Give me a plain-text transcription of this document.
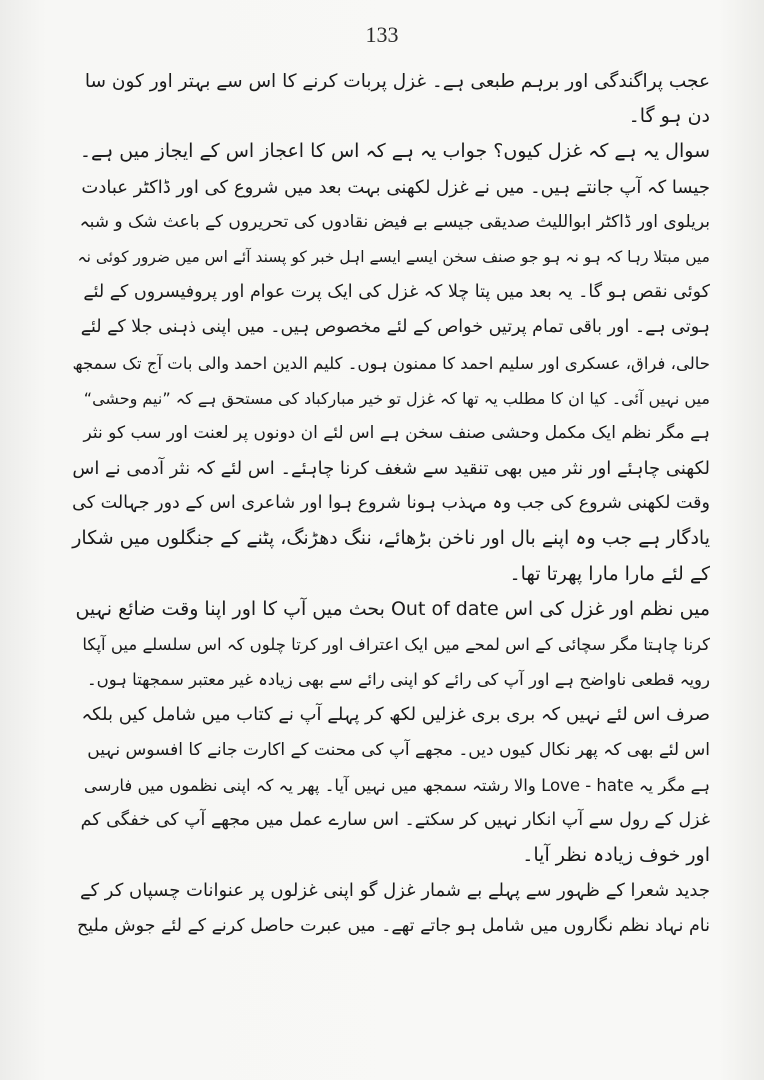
133
عجب پراگندگی اور برہم طبعی ہے۔ غزل پربات کرنے کا اس سے بہتر اور کون سا
دن ہو گا۔
سوال یہ ہے کہ غزل کیوں؟ جواب یہ ہے کہ اس کا اعجاز اس کے ایجاز میں ہے۔
جیسا کہ آپ جانتے ہیں۔ میں نے غزل لکھنی بہت بعد میں شروع کی اور ڈاکٹر عبادت
بریلوی اور ڈاکٹر ابواللیث صدیقی جیسے بے فیض نقادوں کی تحریروں کے باعث شک و شبہ
میں مبتلا رہا کہ ہو نہ ہو جو صنف سخن ایسے ایسے اہل خبر کو پسند آئے اس میں ضرور کوئی نہ
کوئی نقص ہو گا۔ یہ بعد میں پتا چلا کہ غزل کی ایک پرت عوام اور پروفیسروں کے لئے
ہوتی ہے۔ اور باقی تمام پرتیں خواص کے لئے مخصوص ہیں۔ میں اپنی ذہنی جلا کے لئے
حالی، فراق، عسکری اور سلیم احمد کا ممنون ہوں۔ کلیم الدین احمد والی بات آج تک سمجھ
میں نہیں آئی۔ کیا ان کا مطلب یہ تھا کہ غزل تو خیر مبارکباد کی مستحق ہے کہ ”نیم وحشی“
ہے مگر نظم ایک مکمل وحشی صنف سخن ہے اس لئے ان دونوں پر لعنت اور سب کو نثر
لکھنی چاہئے اور نثر میں بھی تنقید سے شغف کرنا چاہئے۔ اس لئے کہ نثر آدمی نے اس
وقت لکھنی شروع کی جب وہ مہذب ہونا شروع ہوا اور شاعری اس کے دور جہالت کی
یادگار ہے جب وہ اپنے بال اور ناخن بڑھائے، ننگ دھڑنگ، پٹنے کے جنگلوں میں شکار
کے لئے مارا مارا پھرتا تھا۔
میں نظم اور غزل کی اس Out of date بحث میں آپ کا اور اپنا وقت ضائع نہیں
کرنا چاہتا مگر سچائی کے اس لمحے میں ایک اعتراف اور کرتا چلوں کہ اس سلسلے میں آپکا
رویہ قطعی ناواضح ہے اور آپ کی رائے کو اپنی رائے سے بھی زیادہ غیر معتبر سمجھتا ہوں۔
صرف اس لئے نہیں کہ بری بری غزلیں لکھ کر پہلے آپ نے کتاب میں شامل کیں بلکہ
اس لئے بھی کہ پھر نکال کیوں دیں۔ مجھے آپ کی محنت کے اکارت جانے کا افسوس نہیں
ہے مگر یہ Love - hate والا رشتہ سمجھ میں نہیں آیا۔ پھر یہ کہ اپنی نظموں میں فارسی
غزل کے رول سے آپ انکار نہیں کر سکتے۔ اس سارے عمل میں مجھے آپ کی خفگی کم
اور خوف زیادہ نظر آیا۔
جدید شعرا کے ظہور سے پہلے بے شمار غزل گو اپنی غزلوں پر عنوانات چسپاں کر کے
نام نہاد نظم نگاروں میں شامل ہو جاتے تھے۔ میں عبرت حاصل کرنے کے لئے جوش ملیح
